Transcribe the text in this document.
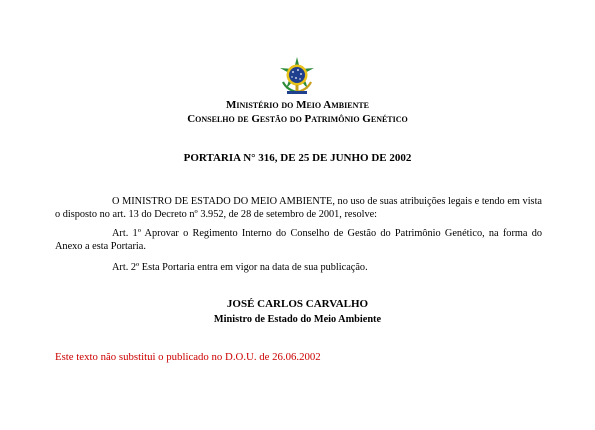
Ministério do Meio Ambiente
Conselho de Gestão do Patrimônio Genético
PORTARIA N° 316, DE 25 DE JUNHO DE 2002
O MINISTRO DE ESTADO DO MEIO AMBIENTE, no uso de suas atribuições legais e tendo em vista o disposto no art. 13 do Decreto nº 3.952, de 28 de setembro de 2001, resolve:
Art. 1º Aprovar o Regimento Interno do Conselho de Gestão do Patrimônio Genético, na forma do Anexo a esta Portaria.
Art. 2º Esta Portaria entra em vigor na data de sua publicação.
JOSÉ CARLOS CARVALHO
Ministro de Estado do Meio Ambiente
Este texto não substitui o publicado no D.O.U. de 26.06.2002
